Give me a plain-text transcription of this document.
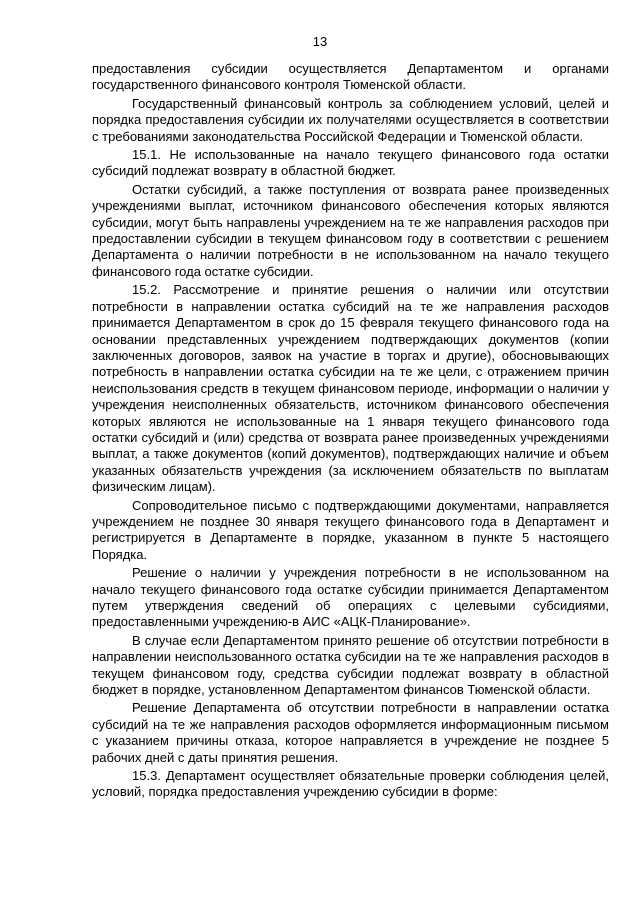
13

предоставления субсидии осуществляется Департаментом и органами государственного финансового контроля Тюменской области.

Государственный финансовый контроль за соблюдением условий, целей и порядка предоставления субсидии их получателями осуществляется в соответствии с требованиями законодательства Российской Федерации и Тюменской области.

15.1. Не использованные на начало текущего финансового года остатки субсидий подлежат возврату в областной бюджет.

Остатки субсидий, а также поступления от возврата ранее произведенных учреждениями выплат, источником финансового обеспечения которых являются субсидии, могут быть направлены учреждением на те же направления расходов при предоставлении субсидии в текущем финансовом году в соответствии с решением Департамента о наличии потребности в не использованном на начало текущего финансового года остатке субсидии.

15.2. Рассмотрение и принятие решения о наличии или отсутствии потребности в направлении остатка субсидий на те же направления расходов принимается Департаментом в срок до 15 февраля текущего финансового года на основании представленных учреждением подтверждающих документов (копии заключенных договоров, заявок на участие в торгах и другие), обосновывающих потребность в направлении остатка субсидии на те же цели, с отражением причин неиспользования средств в текущем финансовом периоде, информации о наличии у учреждения неисполненных обязательств, источником финансового обеспечения которых являются не использованные на 1 января текущего финансового года остатки субсидий и (или) средства от возврата ранее произведенных учреждениями выплат, а также документов (копий документов), подтверждающих наличие и объем указанных обязательств учреждения (за исключением обязательств по выплатам физическим лицам).

Сопроводительное письмо с подтверждающими документами, направляется учреждением не позднее 30 января текущего финансового года в Департамент и регистрируется в Департаменте в порядке, указанном в пункте 5 настоящего Порядка.

Решение о наличии у учреждения потребности в не использованном на начало текущего финансового года остатке субсидии принимается Департаментом путем утверждения сведений об операциях с целевыми субсидиями, предоставленными учреждению-в АИС «АЦК-Планирование».

В случае если Департаментом принято решение об отсутствии потребности в направлении неиспользованного остатка субсидии на те же направления расходов в текущем финансовом году, средства субсидии подлежат возврату в областной бюджет в порядке, установленном Департаментом финансов Тюменской области.

Решение Департамента об отсутствии потребности в направлении остатка субсидий на те же направления расходов оформляется информационным письмом с указанием причины отказа, которое направляется в учреждение не позднее 5 рабочих дней с даты принятия решения.

15.3. Департамент осуществляет обязательные проверки соблюдения целей, условий, порядка предоставления учреждению субсидии в форме:
